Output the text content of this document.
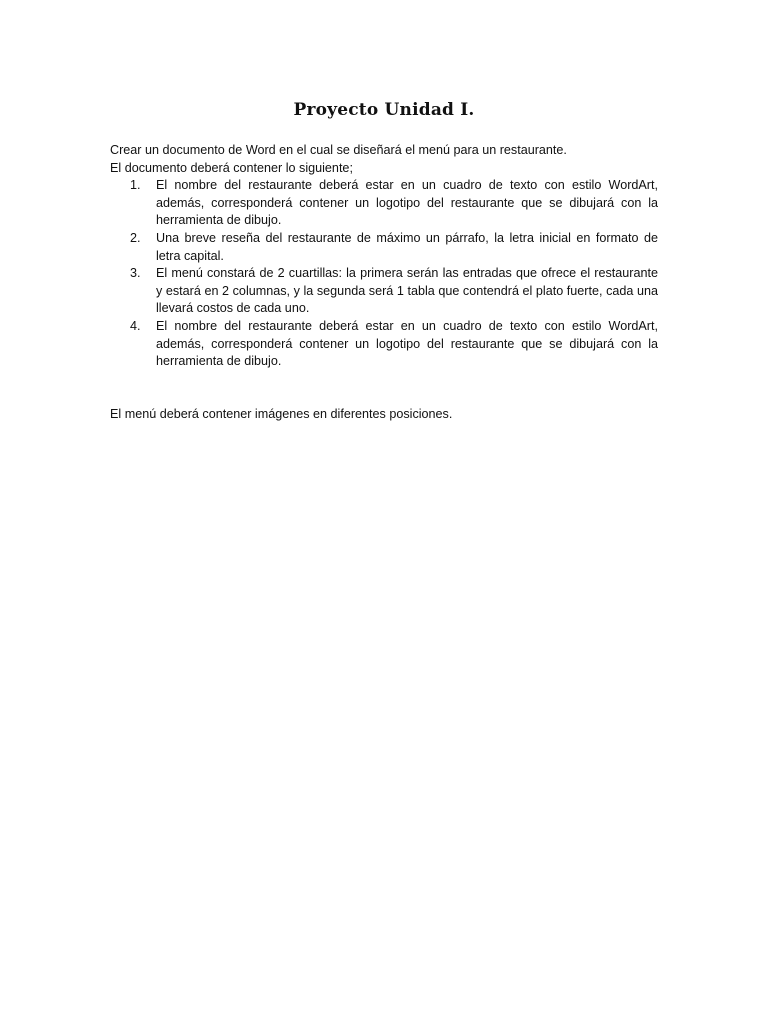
Proyecto Unidad I.

Crear un documento de Word en el cual se diseñará el menú para un restaurante.

El documento deberá contener lo siguiente;

1. El nombre del restaurante deberá estar en un cuadro de texto con estilo WordArt, además, corresponderá contener un logotipo del restaurante que se dibujará con la herramienta de dibujo.
2. Una breve reseña del restaurante de máximo un párrafo, la letra inicial en formato de letra capital.
3. El menú constará de 2 cuartillas: la primera serán las entradas que ofrece el restaurante y estará en 2 columnas, y la segunda será 1 tabla que contendrá el plato fuerte, cada una llevará costos de cada uno.
4. El nombre del restaurante deberá estar en un cuadro de texto con estilo WordArt, además, corresponderá contener un logotipo del restaurante que se dibujará con la herramienta de dibujo.

El menú deberá contener imágenes en diferentes posiciones.
